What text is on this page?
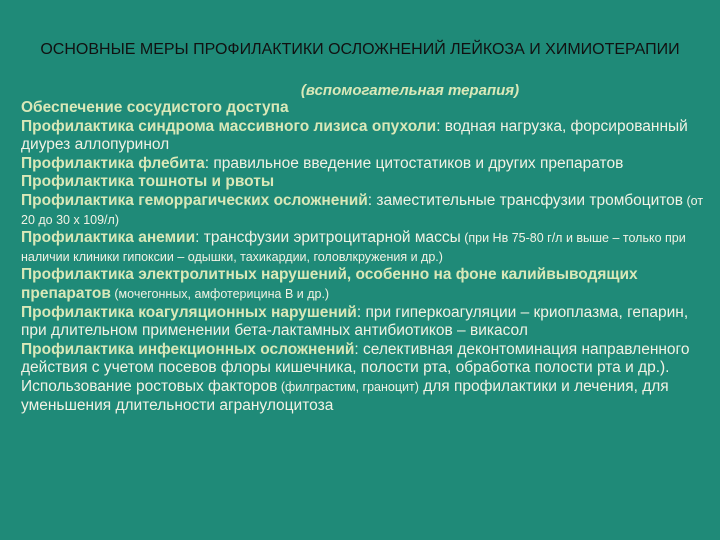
ОСНОВНЫЕ МЕРЫ ПРОФИЛАКТИКИ ОСЛОЖНЕНИЙ ЛЕЙКОЗА И ХИМИОТЕРАПИИ
(вспомогательная терапия)

Обеспечение сосудистого доступа

Профилактика синдрома массивного лизиса опухоли: водная нагрузка, форсированный диурез аллопуринол

Профилактика флебита: правильное введение цитостатиков и других препаратов

Профилактика тошноты и рвоты

Профилактика геморрагических осложнений: заместительные трансфузии тромбоцитов (от 20 до 30 х 109/л)

Профилактика анемии: трансфузии эритроцитарной массы (при Нв 75-80 г/л и выше – только при наличии клиники гипоксии – одышки, тахикардии, головлкружения и др.)

Профилактика электролитных нарушений, особенно на фоне калийвыводящих препаратов (мочегонных, амфотерицина В и др.)

Профилактика коагуляционных нарушений: при гиперкоагуляции – криоплазма, гепарин, при длительном применении бета-лактамных антибиотиков – викасол

Профилактика инфекционных осложнений: селективная деконтоминация направленного действия с учетом посевов флоры кишечника, полости рта, обработка полости рта и др.). Использование ростовых факторов (филграстим, граноцит) для профилактики и лечения, для уменьшения длительности агранулоцитоза
